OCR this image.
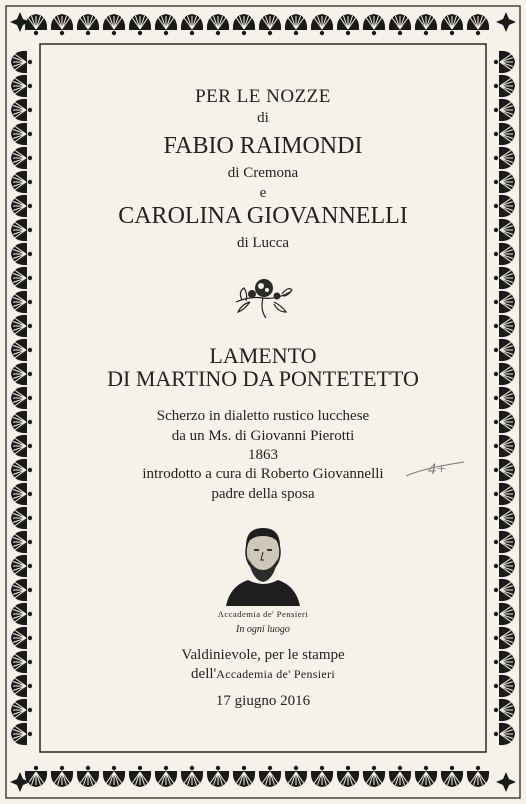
PER LE NOZZE
di
FABIO RAIMONDI
di Cremona
e
CAROLINA GIOVANNELLI
di Lucca
LAMENTO
DI MARTINO DA PONTETETTO
Scherzo in dialetto rustico lucchese
da un Ms. di Giovanni Pierotti
1863
introdotto a cura di Roberto Giovannelli
padre della sposa
4+
Accademia de' Pensieri
In ogni luogo
Valdinievole, per le stampe
dell'Accademia de' Pensieri
17 giugno 2016
